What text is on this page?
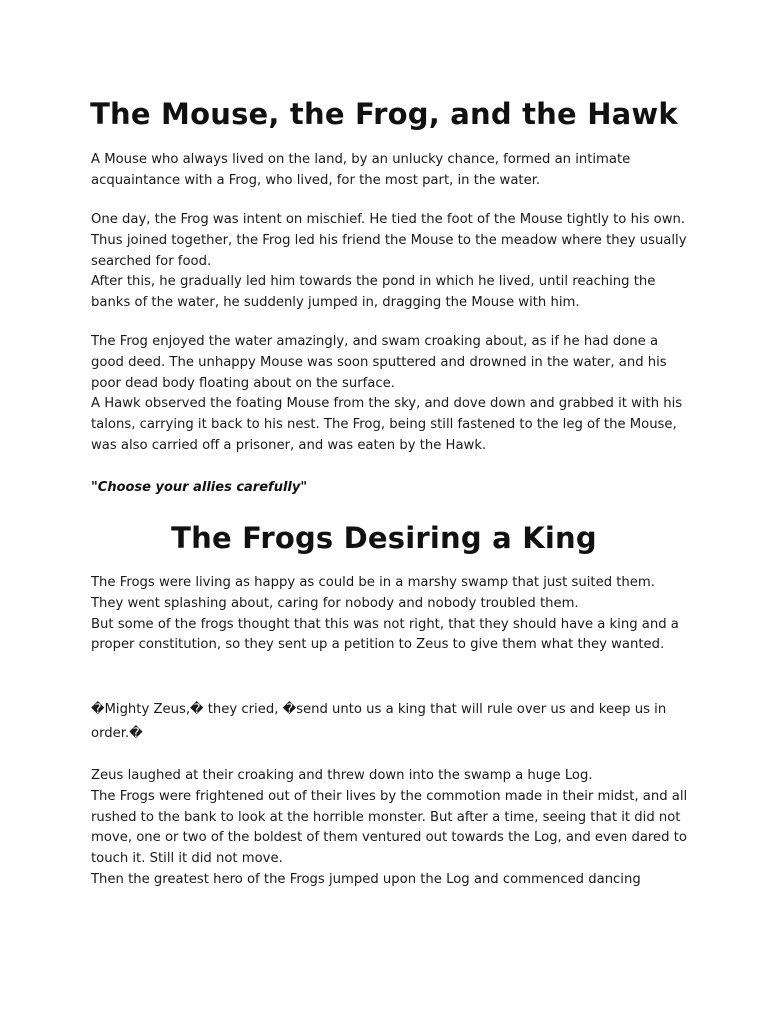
The Mouse, the Frog, and the Hawk

A Mouse who always lived on the land, by an unlucky chance, formed an intimate acquaintance with a Frog, who lived, for the most part, in the water.

One day, the Frog was intent on mischief. He tied the foot of the Mouse tightly to his own. Thus joined together, the Frog led his friend the Mouse to the meadow where they usually searched for food.

After this, he gradually led him towards the pond in which he lived, until reaching the banks of the water, he suddenly jumped in, dragging the Mouse with him.

The Frog enjoyed the water amazingly, and swam croaking about, as if he had done a good deed. The unhappy Mouse was soon sputtered and drowned in the water, and his poor dead body floating about on the surface.

A Hawk observed the foating Mouse from the sky, and dove down and grabbed it with his talons, carrying it back to his nest. The Frog, being still fastened to the leg of the Mouse, was also carried off a prisoner, and was eaten by the Hawk.

"Choose your allies carefully"

The Frogs Desiring a King

The Frogs were living as happy as could be in a marshy swamp that just suited them. They went splashing about, caring for nobody and nobody troubled them.

But some of the frogs thought that this was not right, that they should have a king and a proper constitution, so they sent up a petition to Zeus to give them what they wanted.

�Mighty Zeus,� they cried, �send unto us a king that will rule over us and keep us in order.�

Zeus laughed at their croaking and threw down into the swamp a huge Log.

The Frogs were frightened out of their lives by the commotion made in their midst, and all rushed to the bank to look at the horrible monster. But after a time, seeing that it did not move, one or two of the boldest of them ventured out towards the Log, and even dared to touch it. Still it did not move.

Then the greatest hero of the Frogs jumped upon the Log and commenced dancing
